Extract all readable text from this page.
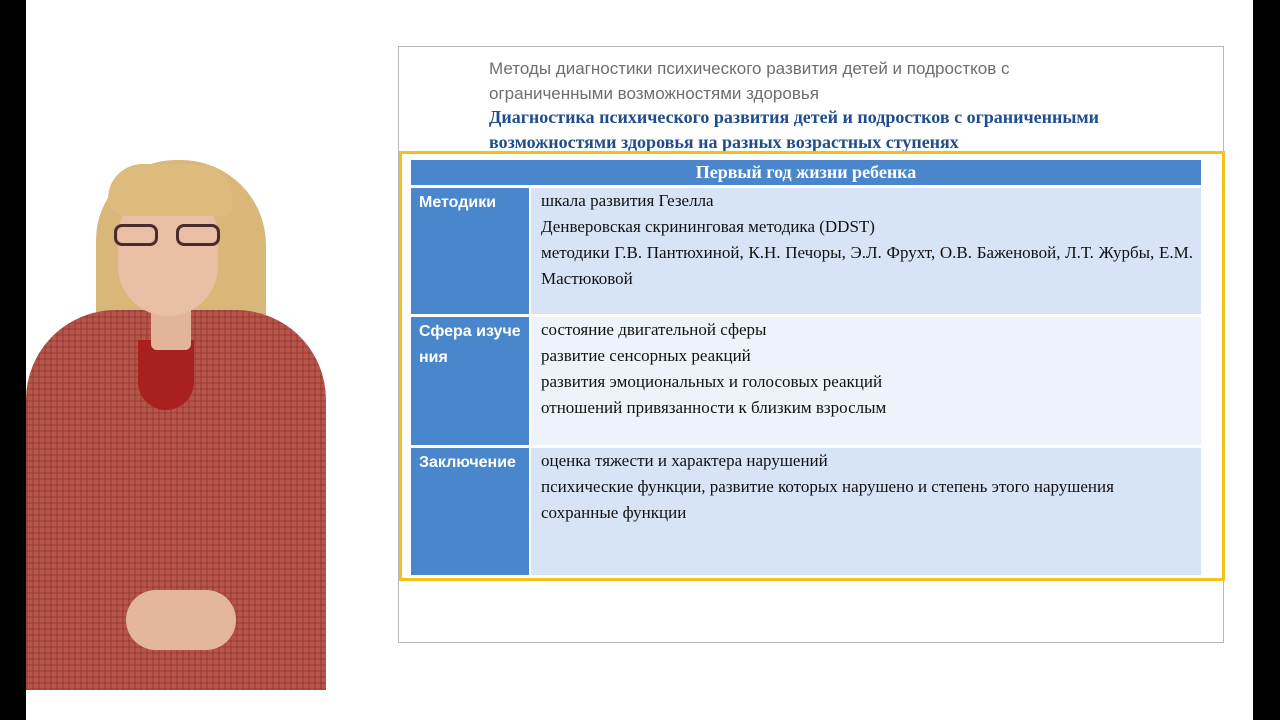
Методы диагностики психического развития детей и подростков с ограниченными возможностями здоровья

Диагностика психического развития детей и подростков с ограниченными возможностями здоровья на разных возрастных ступенях

Первый год жизни ребенка
Методики	шкала развития Гезелла
Денверовская скрининговая методика (DDST)
методики Г.В. Пантюхиной, К.Н. Печоры, Э.Л. Фрухт, О.В. Баженовой, Л.Т. Журбы, Е.М. Мастюковой
Сфера изучения
состояние двигательной сферы
развитие сенсорных реакций
развития эмоциональных и голосовых реакций
отношений привязанности к близким взрослым
Заключение	оценка тяжести и характера нарушений
психические функции, развитие которых нарушено и степень этого нарушения
сохранные функции
